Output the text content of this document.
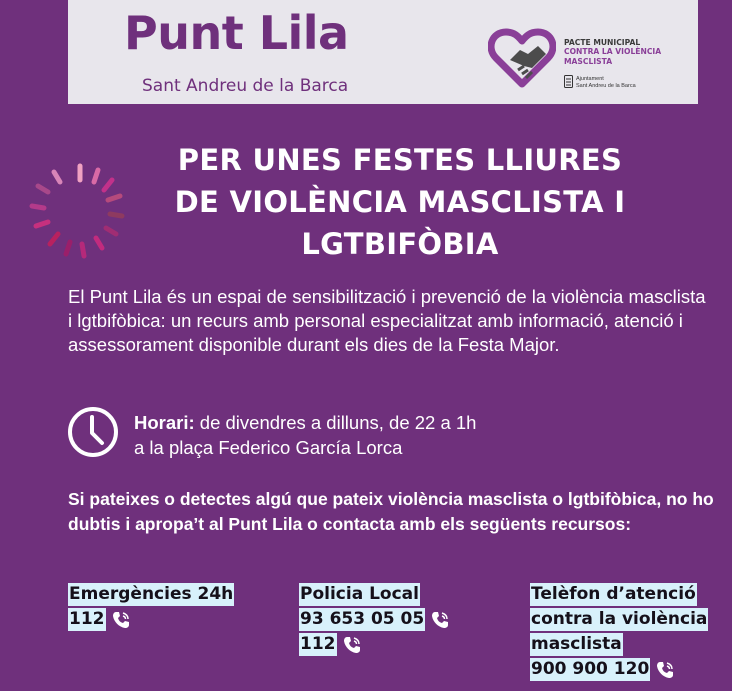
Punt Lila
Sant Andreu de la Barca
PACTE MUNICIPAL
CONTRA LA VIOLÈNCIA
MASCLISTA
Ajuntament
Sant Andreu de la Barca
PER UNES FESTES LLIURES
DE VIOLÈNCIA MASCLISTA I
LGTBIFÒBIA

El Punt Lila és un espai de sensibilització i prevenció de la violència masclista i lgtbifòbica: un recurs amb personal especialitzat amb informació, atenció i assessorament disponible durant els dies de la Festa Major.

Horari: de divendres a dilluns, de 22 a 1h
a la plaça Federico García Lorca

Si pateixes o detectes algú que pateix violència masclista o lgtbifòbica, no ho dubtis i apropa’t al Punt Lila o contacta amb els següents recursos:

Emergències 24h
112
Policia Local
93 653 05 05
112
Telèfon d’atenció
contra la violència
masclista
900 900 120
